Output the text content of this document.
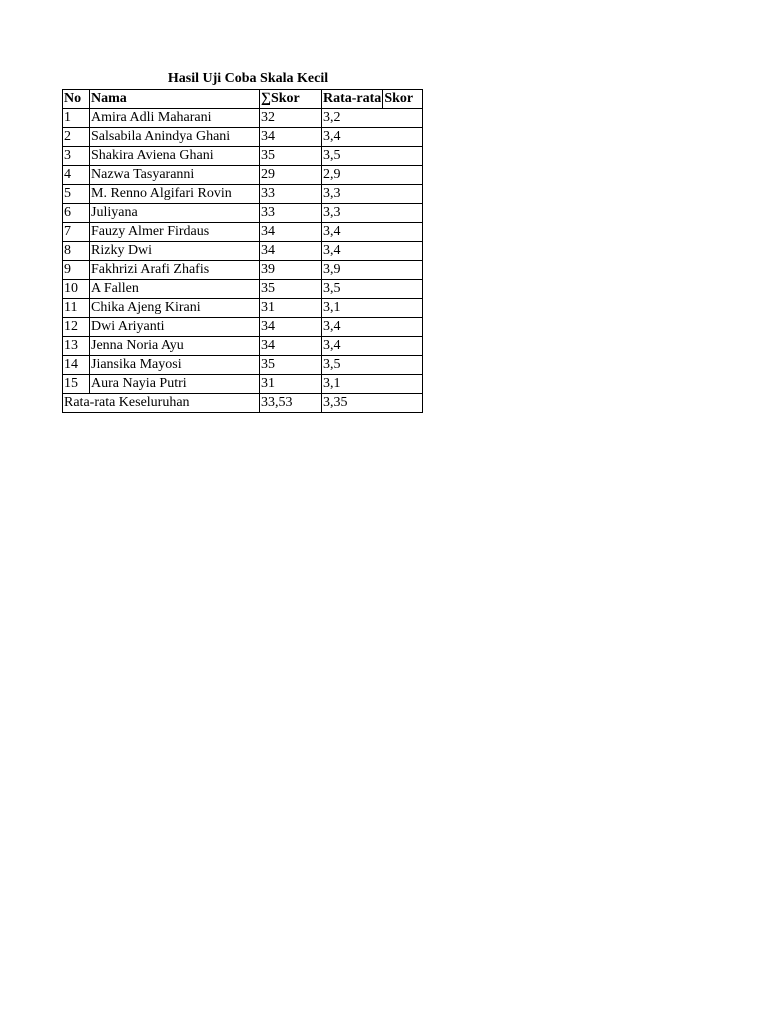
Hasil Uji Coba Skala Kecil
No	Nama	∑Skor	Rata-rata	Skor
1	Amira Adli Maharani	32	3,2	
2	Salsabila Anindya Ghani	34	3,4	
3	Shakira Aviena Ghani	35	3,5	
4	Nazwa Tasyaranni	29	2,9	
5	M. Renno Algifari Rovin	33	3,3	
6	Juliyana	33	3,3	
7	Fauzy Almer Firdaus	34	3,4	
8	Rizky Dwi	34	3,4	
9	Fakhrizi Arafi Zhafis	39	3,9	
10	A Fallen	35	3,5	
11	Chika Ajeng Kirani	31	3,1	
12	Dwi Ariyanti	34	3,4	
13	Jenna Noria Ayu	34	3,4	
14	Jiansika Mayosi	35	3,5	
15	Aura Nayia Putri	31	3,1	
Rata-rata Keseluruhan		33,53	3,35	
